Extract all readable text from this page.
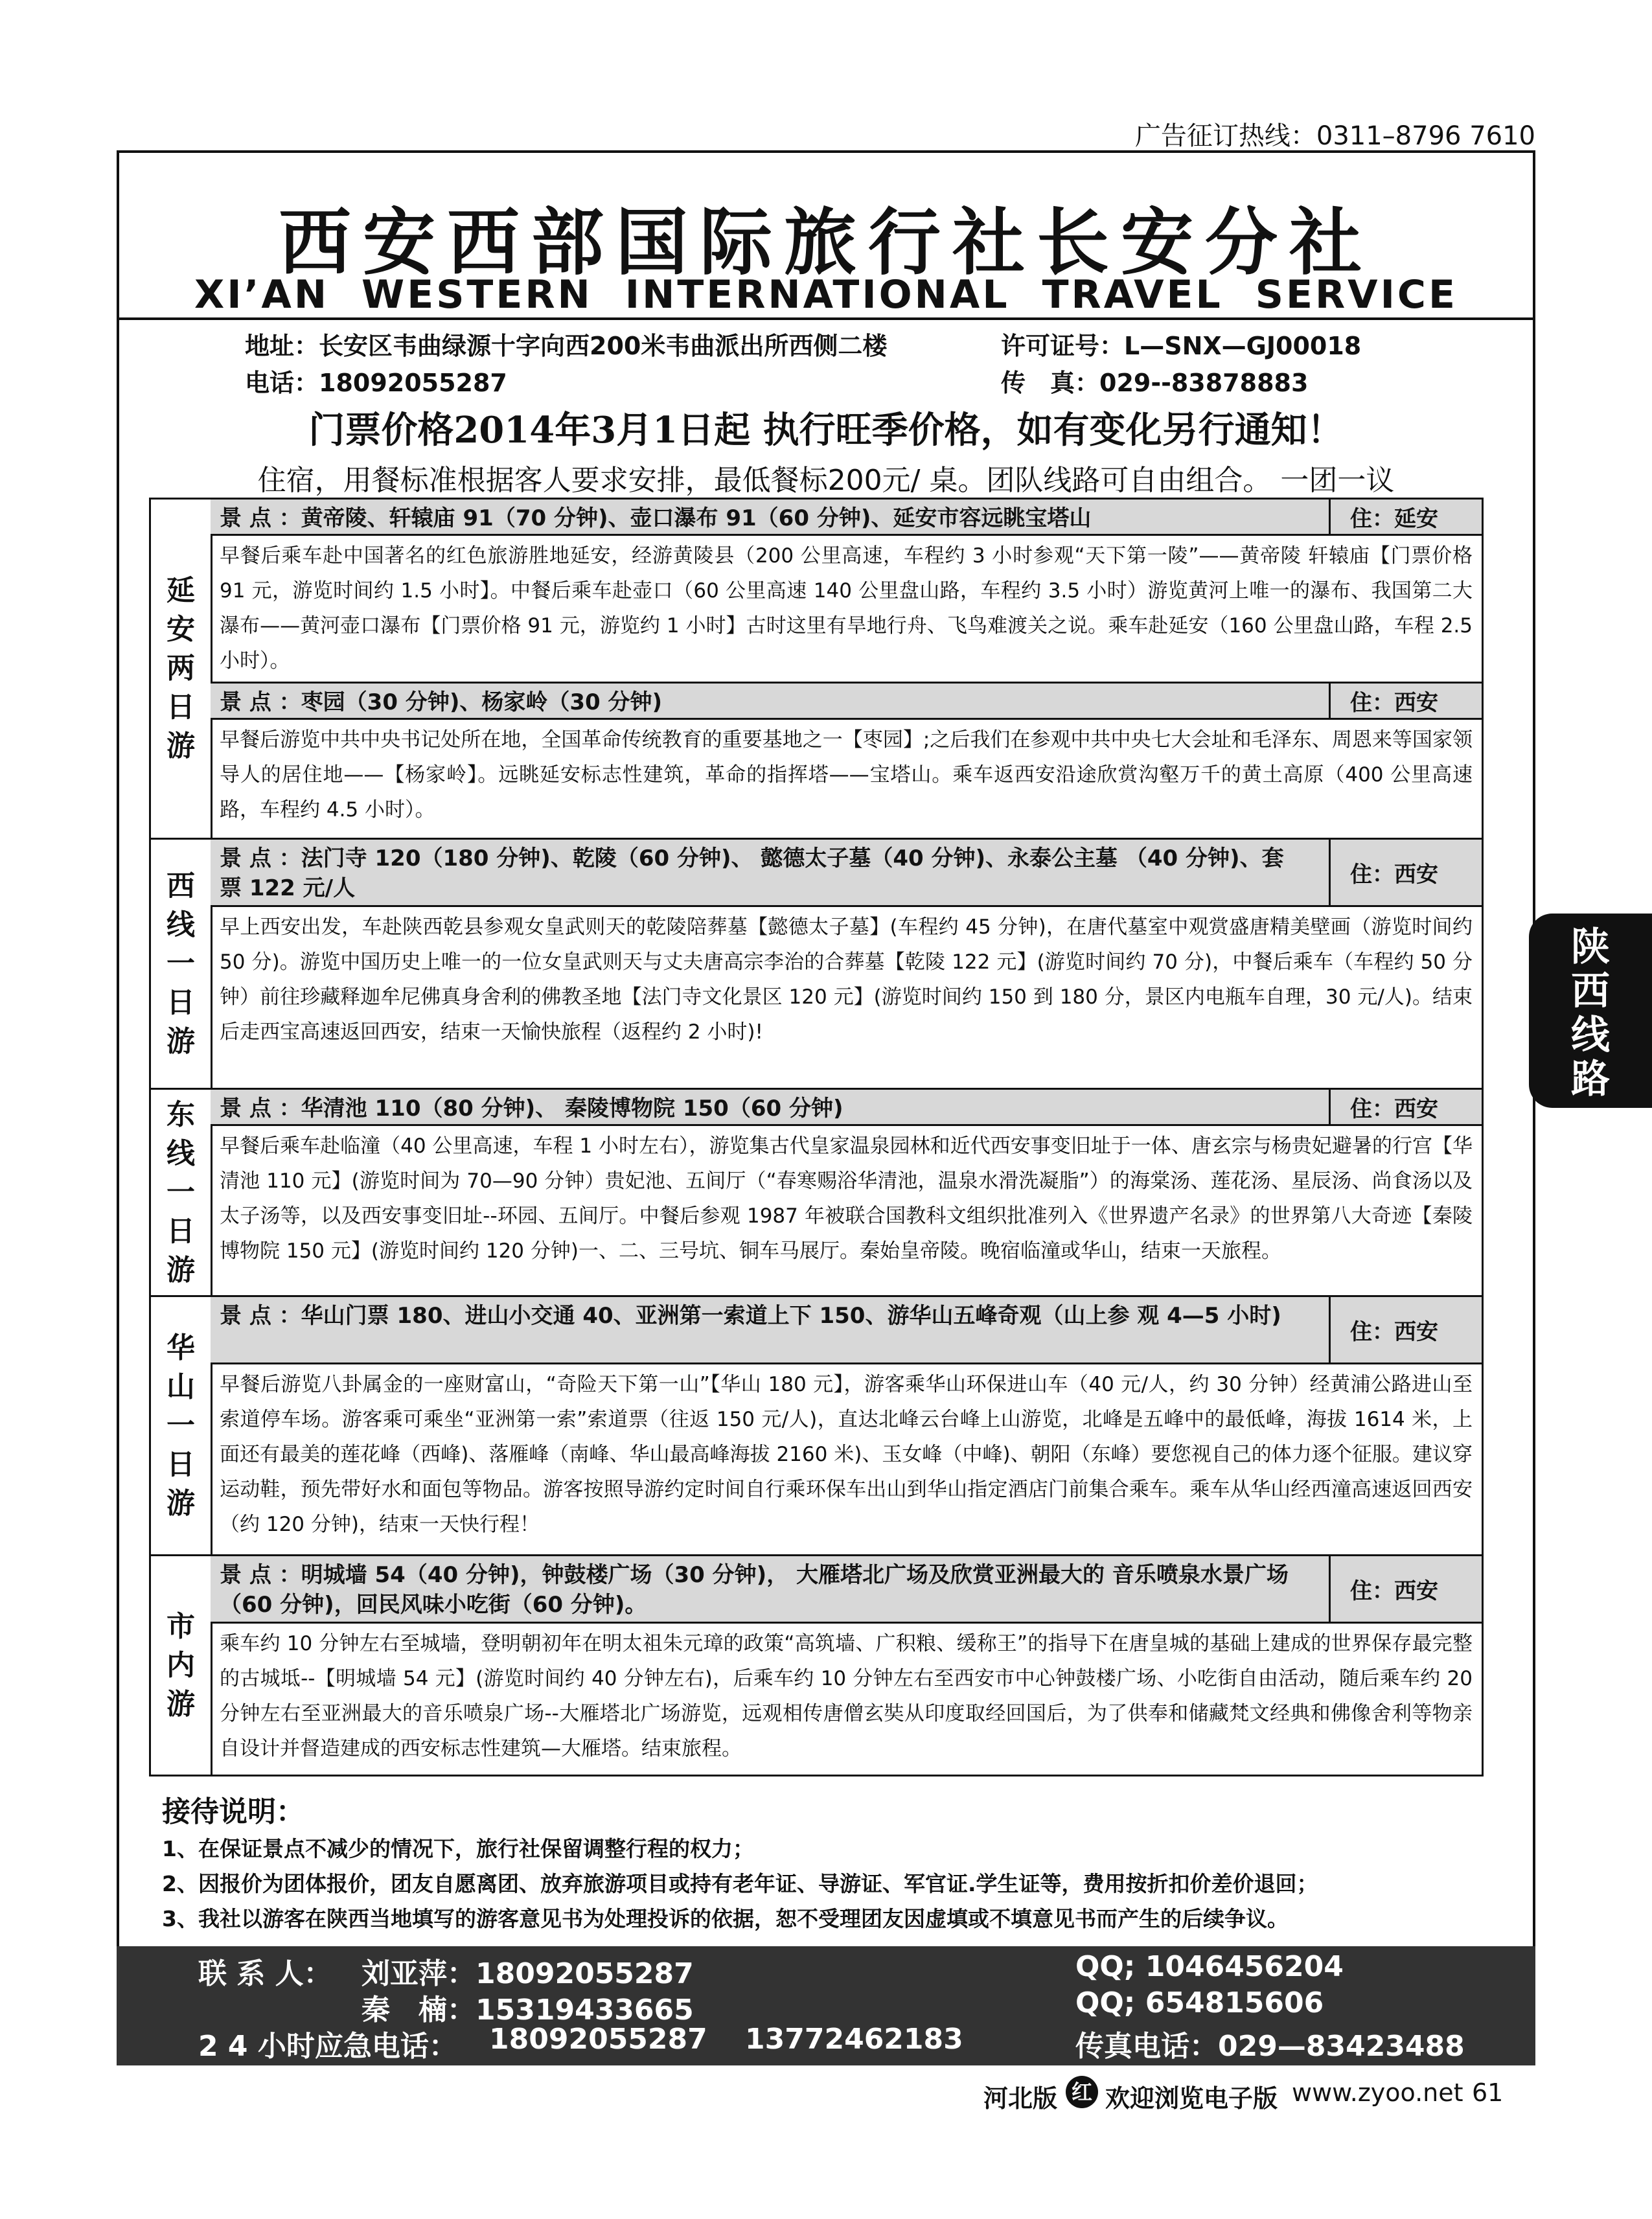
广告征订热线：0311–8796 7610
西安西部国际旅行社长安分社
XI’AN WESTERN INTERNATIONAL TRAVEL SERVICE
地址：长安区韦曲绿源十字向西200米韦曲派出所西侧二楼	许可证号：L—SNX—GJ00018
电话：18092055287	传　真：029--83878883
门票价格2014年3月1日起 执行旺季价格，如有变化另行通知！
住宿，用餐标准根据客人要求安排，最低餐标200元/ 桌。团队线路可自由组合。 一团一议
延安两日游
景 点 ：黄帝陵、轩辕庙 91（70 分钟)、壶口瀑布 91（60 分钟)、延安市容远眺宝塔山	住：延安
早餐后乘车赴中国著名的红色旅游胜地延安，经游黄陵县（200 公里高速，车程约 3 小时参观“天下第一陵”——黄帝陵 轩辕庙【门票价格 91 元，游览时间约 1.5 小时】。中餐后乘车赴壶口（60 公里高速 140 公里盘山路，车程约 3.5 小时）游览黄河上唯一的瀑布、我国第二大瀑布——黄河壶口瀑布【门票价格 91 元，游览约 1 小时】古时这里有旱地行舟、飞鸟难渡关之说。乘车赴延安（160 公里盘山路，车程 2.5 小时）。
景 点 ：枣园（30 分钟)、杨家岭（30 分钟)	住：西安
早餐后游览中共中央书记处所在地，全国革命传统教育的重要基地之一【枣园】;之后我们在参观中共中央七大会址和毛泽东、周恩来等国家领导人的居住地——【杨家岭】。远眺延安标志性建筑，革命的指挥塔——宝塔山。乘车返西安沿途欣赏沟壑万千的黄土高原（400 公里高速路，车程约 4.5 小时）。
西线一日游
景 点 ：法门寺 120（180 分钟)、乾陵（60 分钟)、 懿德太子墓（40 分钟)、永泰公主墓 （40 分钟)、套票 122 元/人
住：西安
早上西安出发，车赴陕西乾县参观女皇武则天的乾陵陪葬墓【懿德太子墓】(车程约 45 分钟)，在唐代墓室中观赏盛唐精美壁画（游览时间约 50 分)。游览中国历史上唯一的一位女皇武则天与丈夫唐高宗李治的合葬墓【乾陵 122 元】(游览时间约 70 分)，中餐后乘车（车程约 50 分钟）前往珍藏释迦牟尼佛真身舍利的佛教圣地【法门寺文化景区 120 元】(游览时间约 150 到 180 分，景区内电瓶车自理，30 元/人)。结束后走西宝高速返回西安，结束一天愉快旅程（返程约 2 小时)!
东线一日游
景 点 ：华清池 110（80 分钟)、 秦陵博物院 150（60 分钟)	住：西安
早餐后乘车赴临潼（40 公里高速，车程 1 小时左右），游览集古代皇家温泉园林和近代西安事变旧址于一体、唐玄宗与杨贵妃避暑的行宫【华清池 110 元】(游览时间为 70—90 分钟）贵妃池、五间厅（“春寒赐浴华清池，温泉水滑洗凝脂”）的海棠汤、莲花汤、星辰汤、尚食汤以及太子汤等，以及西安事变旧址--环园、五间厅。中餐后参观 1987 年被联合国教科文组织批准列入《世界遗产名录》的世界第八大奇迹【秦陵博物院 150 元】(游览时间约 120 分钟)一、二、三号坑、铜车马展厅。秦始皇帝陵。晚宿临潼或华山，结束一天旅程。
华山一日游
景 点 ：华山门票 180、进山小交通 40、亚洲第一索道上下 150、游华山五峰奇观（山上参 观 4—5 小时)
住：西安
早餐后游览八卦属金的一座财富山，“奇险天下第一山”【华山 180 元】，游客乘华山环保进山车（40 元/人，约 30 分钟）经黄浦公路进山至索道停车场。游客乘可乘坐“亚洲第一索”索道票（往返 150 元/人)，直达北峰云台峰上山游览，北峰是五峰中的最低峰，海拔 1614 米，上面还有最美的莲花峰（西峰)、落雁峰（南峰、华山最高峰海拔 2160 米)、玉女峰（中峰)、朝阳（东峰）要您视自己的体力逐个征服。建议穿运动鞋，预先带好水和面包等物品。游客按照导游约定时间自行乘环保车出山到华山指定酒店门前集合乘车。乘车从华山经西潼高速返回西安（约 120 分钟)，结束一天快行程！
市内游
景 点 ：明城墙 54（40 分钟)，钟鼓楼广场（30 分钟)， 大雁塔北广场及欣赏亚洲最大的 音乐喷泉水景广场（60 分钟)，回民风味小吃街（60 分钟)。
住：西安
乘车约 10 分钟左右至城墙，登明朝初年在明太祖朱元璋的政策“高筑墙、广积粮、缓称王”的指导下在唐皇城的基础上建成的世界保存最完整的古城坻--【明城墙 54 元】(游览时间约 40 分钟左右)，后乘车约 10 分钟左右至西安市中心钟鼓楼广场、小吃街自由活动，随后乘车约 20 分钟左右至亚洲最大的音乐喷泉广场--大雁塔北广场游览，远观相传唐僧玄奘从印度取经回国后，为了供奉和储藏梵文经典和佛像舍利等物亲自设计并督造建成的西安标志性建筑—大雁塔。结束旅程。
接待说明：
1、在保证景点不减少的情况下，旅行社保留调整行程的权力；
2、因报价为团体报价，团友自愿离团、放弃旅游项目或持有老年证、导游证、军官证.学生证等，费用按折扣价差价退回；
3、我社以游客在陕西当地填写的游客意见书为处理投诉的依据，恕不受理团友因虚填或不填意见书而产生的后续争议。
联 系 人： 刘亚萍：18092055287	QQ; 1046456204
秦　楠：15319433665	QQ; 654815606
2 4 小时应急电话： 18092055287 13772462183	传真电话：029—83423488
陕西线路
河北版 红 欢迎浏览电子版 www.zyoo.net 61
